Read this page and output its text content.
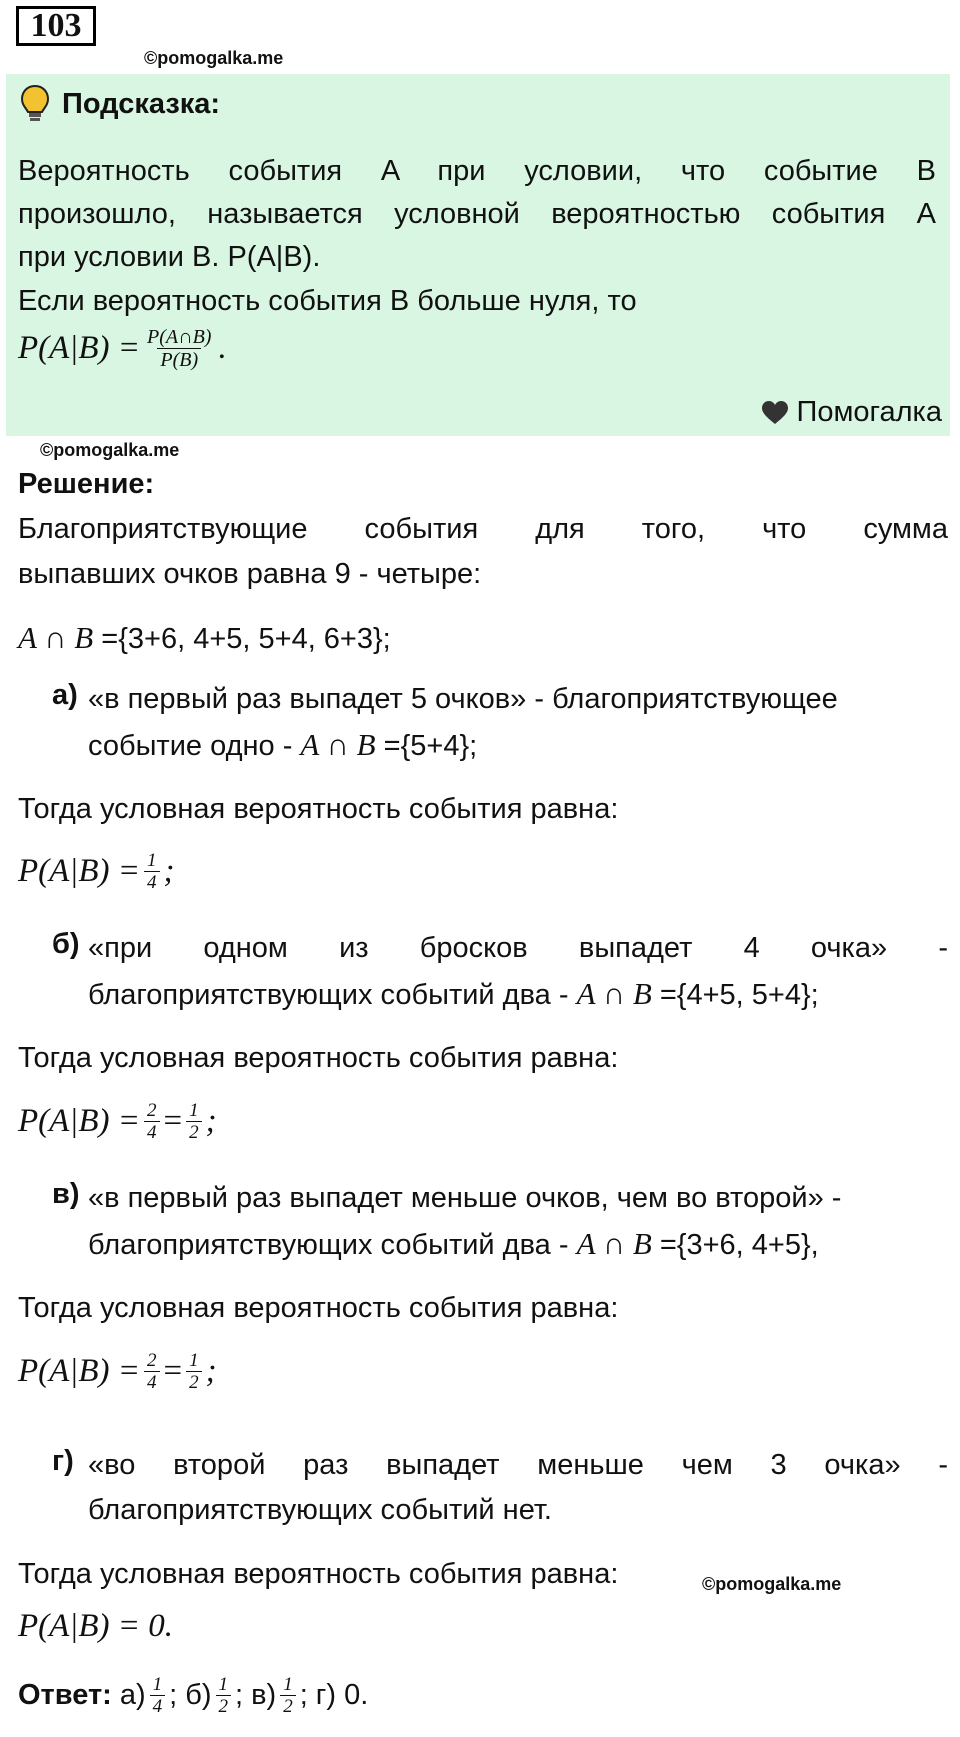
103
©pomogalka.me
Подсказка:
Вероятность события A при условии, что событие B
произошло, называется условной вероятностью события A
при условии B. P(A|B).
Если вероятность события B больше нуля, то
$P(A|B) = \frac{P(A\cap B)}{P(B)}$ .
Помогалка
©pomogalka.me
Решение:
Благоприятствующие события для того, что сумма
выпавших очков равна 9 - четыре:
A ∩ B ={3+6, 4+5, 5+4, 6+3};
а) «в первый раз выпадет 5 очков» - благоприятствующее
событие одно - A ∩ B ={5+4};
Тогда условная вероятность события равна:
$P(A|B) = \frac{1}{4}$ ;
б) «при одном из бросков выпадет 4 очка» -
благоприятствующих событий два - A ∩ B ={4+5, 5+4};
Тогда условная вероятность события равна:
$P(A|B) = \frac{2}{4} = \frac{1}{2}$ ;
в) «в первый раз выпадет меньше очков, чем во второй» -
благоприятствующих событий два - A ∩ B ={3+6, 4+5},
Тогда условная вероятность события равна:
$P(A|B) = \frac{2}{4} = \frac{1}{2}$ ;
г) «во второй раз выпадет меньше чем 3 очка» -
благоприятствующих событий нет.
Тогда условная вероятность события равна:	©pomogalka.me
P(A|B) = 0.
Ответ: $а) \frac{1}{4}$ ; $б) \frac{1}{2}$ ; $в) \frac{1}{2}$ ; г) 0.
